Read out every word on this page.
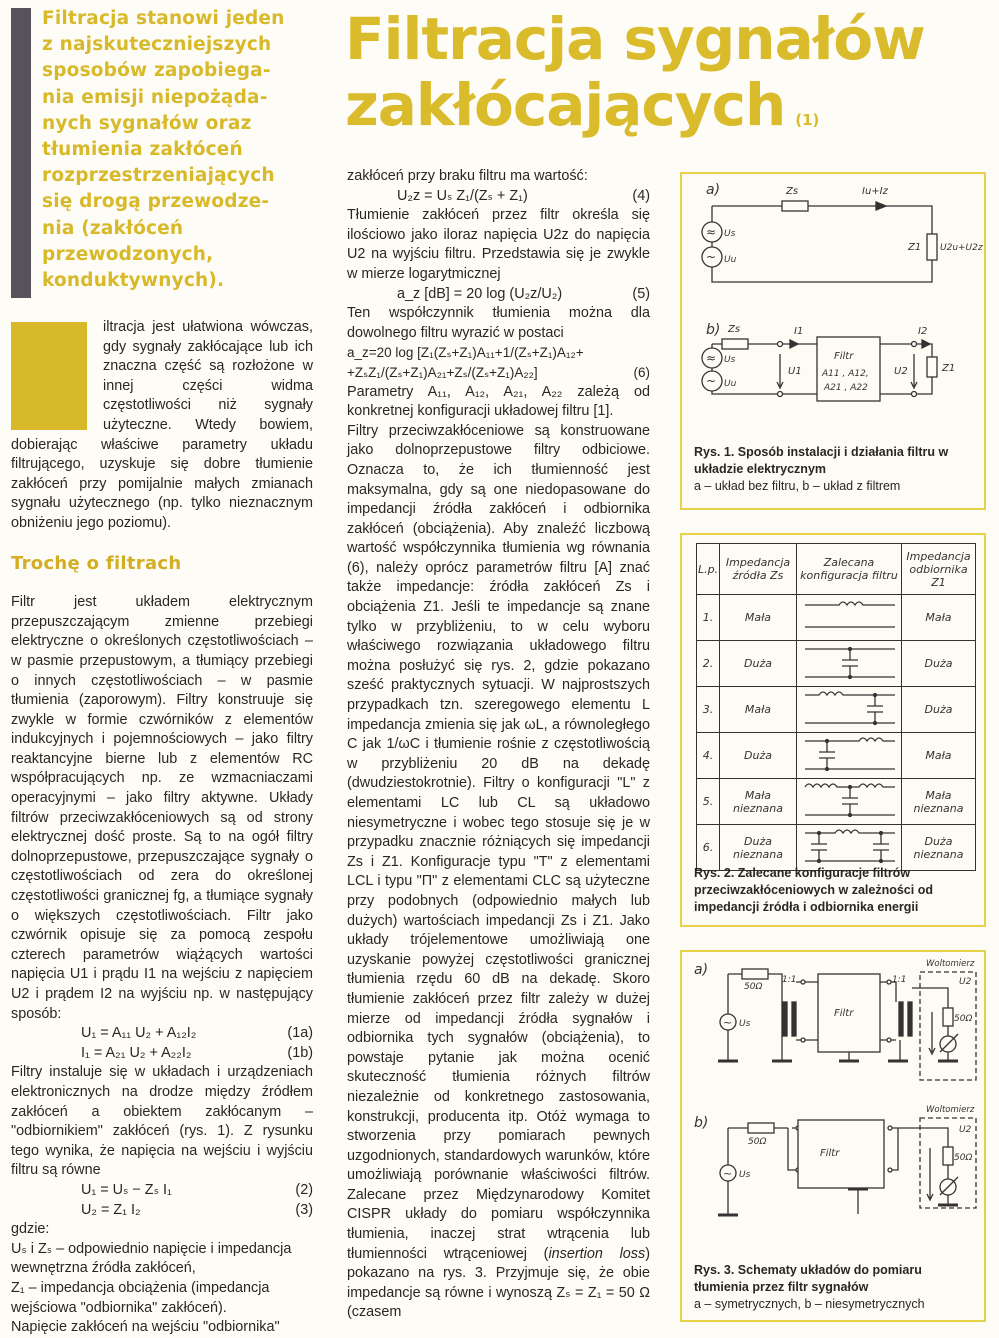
Filtracja stanowi jeden
z najskuteczniejszych
sposobów zapobiega-
nia emisji niepożąda-
nych sygnałów oraz
tłumienia zakłóceń
rozprzestrzeniających
się drogą przewodze-
nia (zakłóceń
przewodzonych,
konduktywnych).
Filtracja sygnałów
zakłócających (1)

iltracja jest ułatwiona wówczas, gdy sygnały zakłócające lub ich znaczna część są rozłożone w innej części widma częstotliwości niż sygnały użyteczne. Wtedy bowiem, dobierając właściwe parametry układu filtrującego, uzyskuje się dobre tłumienie zakłóceń przy pomijalnie małych zmianach sygnału użytecznego (np. tylko nieznacznym obniżeniu jego poziomu).

Trochę o filtrach

Filtr jest układem elektrycznym przepuszczającym zmienne przebiegi elektryczne o określonych częstotliwościach – w pasmie przepustowym, a tłumiący przebiegi o innych częstotliwościach – w pasmie tłumienia (zaporowym). Filtry konstruuje się zwykle w formie czwórników z elementów indukcyjnych i pojemnościowych – jako filtry reaktancyjne bierne lub z elementów RC współpracujących np. ze wzmacniaczami operacyjnymi – jako filtry aktywne. Układy filtrów przeciwzakłóceniowych są od strony elektrycznej dość proste. Są to na ogół filtry dolnoprzepustowe, przepuszczające sygnały o częstotliwościach od zera do określonej częstotliwości granicznej fg, a tłumiące sygnały o większych częstotliwościach. Filtr jako czwórnik opisuje się za pomocą zespołu czterech parametrów wiążących wartości napięcia U1 i prądu I1 na wejściu z napięciem U2 i prądem I2 na wyjściu np. w następujący sposób:

U₁ = A₁₁ U₂ + A₁₂I₂	(1a)
I₁ = A₂₁ U₂ + A₂₂I₂	(1b)

Filtry instaluje się w układach i urządzeniach elektronicznych na drodze między źródłem zakłóceń a obiektem zakłócanym – "odbiornikiem" zakłóceń (rys. 1). Z rysunku tego wynika, że napięcia na wejściu i wyjściu filtru są równe

U₁ = Uₛ − Zₛ I₁	(2)
U₂ = Z₁ I₂	(3)

gdzie:

Uₛ i Zₛ – odpowiednio napięcie i impedancja wewnętrzna źródła zakłóceń,

Z₁ – impedancja obciążenia (impedancja wejściowa "odbiornika" zakłóceń).

Napięcie zakłóceń na wejściu "odbiornika"

zakłóceń przy braku filtru ma wartość:

U₂z = Uₛ Z₁/(Zₛ + Z₁)	(4)

Tłumienie zakłóceń przez filtr określa się ilościowo jako iloraz napięcia U2z do napięcia U2 na wyjściu filtru. Przedstawia się je zwykle w mierze logarytmicznej

a_z [dB] = 20 log (U₂z/U₂)	(5)

Ten współczynnik tłumienia można dla dowolnego filtru wyrazić w postaci

a_z=20 log [Z₁(Zₛ+Z₁)A₁₁+1/(Zₛ+Z₁)A₁₂+
+ZₛZ₁/(Zₛ+Z₁)A₂₁+Zₛ/(Zₛ+Z₁)A₂₂]	(6)

Parametry A₁₁, A₁₂, A₂₁, A₂₂ zależą od konkretnej konfiguracji układowej filtru [1].

Filtry przeciwzakłóceniowe są konstruowane jako dolnoprzepustowe filtry odbiciowe. Oznacza to, że ich tłumienność jest maksymalna, gdy są one niedopasowane do impedancji źródła zakłóceń i odbiornika zakłóceń (obciążenia). Aby znaleźć liczbową wartość współczynnika tłumienia wg równania (6), należy oprócz parametrów filtru [A] znać także impedancje: źródła zakłóceń Zs i obciążenia Z1. Jeśli te impedancje są znane tylko w przybliżeniu, to w celu wyboru właściwego rozwiązania układowego filtru można posłużyć się rys. 2, gdzie pokazano sześć praktycznych sytuacji. W najprostszych przypadkach tzn. szeregowego elementu L impedancja zmienia się jak ωL, a równoległego C jak 1/ωC i tłumienie rośnie z częstotliwością w przybliżeniu 20 dB na dekadę (dwudziestokrotnie). Filtry o konfiguracji "L" z elementami LC lub CL są układowo niesymetryczne i wobec tego stosuje się je w przypadku znacznie różniących się impedancji Zs i Z1. Konfiguracje typu "T" z elementami LCL i typu "Π" z elementami CLC są użyteczne przy podobnych (odpowiednio małych lub dużych) wartościach impedancji Zs i Z1. Jako układy trójelementowe umożliwiają one uzyskanie powyżej częstotliwości granicznej tłumienia rzędu 60 dB na dekadę. Skoro tłumienie zakłóceń przez filtr zależy w dużej mierze od impedancji źródła sygnałów i odbiornika tych sygnałów (obciążenia), to powstaje pytanie jak można ocenić skuteczność tłumienia różnych filtrów niezależnie od konkretnego zastosowania, konstrukcji, producenta itp. Otóż wymaga to stworzenia przy pomiarach pewnych uzgodnionych, standardowych warunków, które umożliwiają porównanie właściwości filtrów. Zalecane przez Międzynarodowy Komitet CISPR układy do pomiaru współczynnika tłumienia, inaczej strat wtrącenia lub tłumienności wtrąceniowej (insertion loss) pokazano na rys. 3. Przyjmuje się, że obie impedancje są równe i wynoszą Zₛ = Z₁ = 50 Ω (czasem

a)	Zs	Iu+Iz
≈ Us
~ Uu
Z1 U2u+U2z
b) Zs	I1	I2
U1	U2
Filtr
A11 , A12,
A21 , A22
≈ Us
~ Uu
Z1
Rys. 1. Sposób instalacji i działania filtru w układzie elektrycznym
a – układ bez filtru, b – układ z filtrem
L.p.	Impedancja źródła Zs	Zalecana konfiguracja filtru	Impedancja odbiornika Z1
1.	Mała		Mała
2.	Duża		Duża
3.	Mała		Duża
4.	Duża		Mała
5.	Mała nieznana		Mała nieznana
6.	Duża nieznana		Duża nieznana
Rys. 2. Zalecane konfiguracje filtrów przeciwzakłóceniowych w zależności od impedancji źródła i odbiornika energii
a)
50Ω
~ Us
1:1
Filtr
1:1
50Ω
Woltomierz
U2
b)
50Ω
~ Us
Filtr	50Ω
Woltomierz
U2
Rys. 3. Schematy układów do pomiaru tłumienia przez filtr sygnałów
a – symetrycznych, b – niesymetrycznych
